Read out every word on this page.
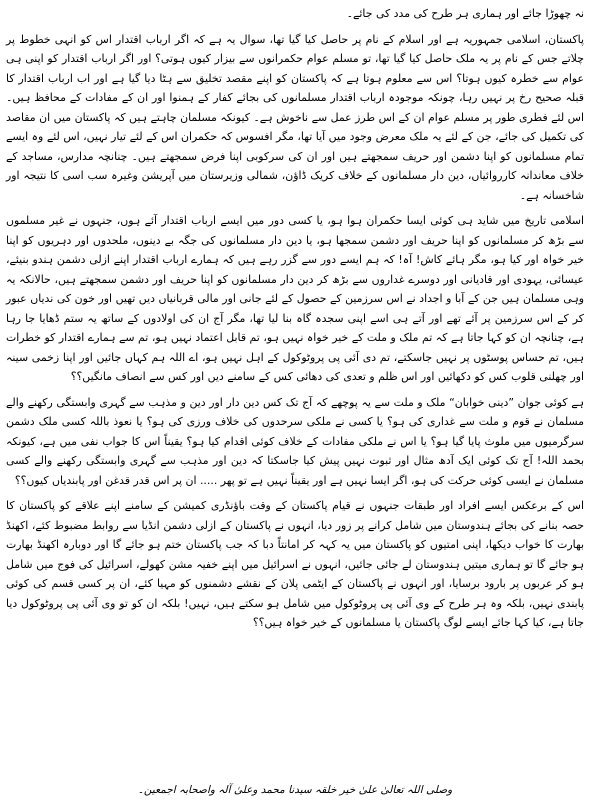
نہ چھوڑا جائے اور ہماری ہر طرح کی مدد کی جائے۔

پاکستان، اسلامی جمہوریہ ہے اور اسلام کے نام پر حاصل کیا گیا تھا، سوال یہ ہے کہ اگر ارباب اقتدار اس کو انہی خطوط پر چلاتے جس کے نام پر یہ ملک حاصل کیا گیا تھا، تو مسلم عوام حکمرانوں سے بیزار کیوں ہوتی؟ اور اگر ارباب اقتدار کو اپنی ہی عوام سے خطرہ کیوں ہوتا؟ اس سے معلوم ہوتا ہے کہ پاکستان کو اپنے مقصد تخلیق سے ہٹا دیا گیا ہے اور اب ارباب اقتدار کا قبلہ صحیح رخ پر نہیں رہا، چونکہ موجودہ ارباب اقتدار مسلمانوں کی بجائے کفار کے ہمنوا اور ان کے مفادات کے محافظ ہیں۔ اس لئے فطری طور پر مسلم عوام ان کے اس طرز عمل سے ناخوش ہے۔ کیونکہ مسلمان چاہتے ہیں کہ پاکستان میں ان مقاصد کی تکمیل کی جائے، جن کے لئے یہ ملک معرض وجود میں آیا تھا، مگر افسوس کہ حکمران اس کے لئے تیار نہیں، اس لئے وہ ایسے تمام مسلمانوں کو اپنا دشمن اور حریف سمجھتے ہیں اور ان کی سرکوبی اپنا فرض سمجھتے ہیں۔ چنانچہ مدارس، مساجد کے خلاف معاندانہ کارروائیاں، دین دار مسلمانوں کے خلاف کریک ڈاؤن، شمالی وزیرستان میں آپریشن وغیرہ سب اسی کا نتیجہ اور شاخسانہ ہے۔

اسلامی تاریخ میں شاید ہی کوئی ایسا حکمران ہوا ہو، یا کسی دور میں ایسے ارباب اقتدار آئے ہوں، جنہوں نے غیر مسلموں سے بڑھ کر مسلمانوں کو اپنا حریف اور دشمن سمجھا ہو، یا دین دار مسلمانوں کی جگہ بے دینوں، ملحدوں اور دہریوں کو اپنا خیر خواہ اور کیا ہو، مگر ہائے کاش! آہ! کہ ہم ایسے دور سے گزر رہے ہیں کہ ہمارے ارباب اقتدار اپنے ازلی دشمن ہندو بنیئے، عیسائی، یہودی اور قادیانی اور دوسرے غداروں سے بڑھ کر دین دار مسلمانوں کو اپنا حریف اور دشمن سمجھتے ہیں، حالانکہ یہ وہی مسلمان ہیں جن کے آبا و اجداد نے اس سرزمین کے حصول کے لئے جانی اور مالی قربانیاں دیں تھیں اور خون کی ندیاں عبور کر کے اس سرزمین پر آئے تھے اور آتے ہی اسے اپنی سجدہ گاہ بنا لیا تھا، مگر آج ان کی اولادوں کے ساتھ یہ ستم ڈھایا جا رہا ہے، چنانچہ ان کو کہا جاتا ہے کہ تم ملک و ملت کے خیر خواہ نہیں ہو، تم قابل اعتماد نہیں ہو، تم سے ہمارے اقتدار کو خطرات ہیں، تم حساس پوسٹوں پر نہیں جاسکتے، تم دی آئی پی پروٹوکول کے اہل نہیں ہو، اے اللہ ہم کہاں جائیں اور اپنا زخمی سینہ اور چھلنی قلوب کس کو دکھائیں اور اس ظلم و تعدی کی دھائی کس کے سامنے دیں اور کس سے انصاف مانگیں؟؟

ہے کوئی جوان ”دینی خوابان“ ملک و ملت سے یہ پوچھے کہ آج تک کس دین دار اور دین و مذہب سے گہری وابستگی رکھنے والے مسلمان نے قوم و ملت سے غداری کی ہو؟ یا کسی نے ملکی سرحدوں کی خلاف ورزی کی ہو؟ یا نعوذ باللہ کسی ملک دشمن سرگرمیوں میں ملوث پایا گیا ہو؟ یا اس نے ملکی مفادات کے خلاف کوئی اقدام کیا ہو؟ یقیناً اس کا جواب نفی میں ہے، کیونکہ بحمد اللہ! آج تک کوئی ایک آدھ مثال اور ثبوت نہیں پیش کیا جاسکتا کہ دین اور مذہب سے گہری وابستگی رکھنے والے کسی مسلمان نے ایسی کوئی حرکت کی ہو، اگر ایسا نہیں ہے اور یقیناً نہیں ہے تو پھر ..... ان پر اس قدر قدغن اور پابندیاں کیوں؟؟

اس کے برعکس ایسے افراد اور طبقات جنہوں نے قیام پاکستان کے وقت باؤنڈری کمیشن کے سامنے اپنے علاقے کو پاکستان کا حصہ بنانے کی بجائے ہندوستان میں شامل کرانے پر زور دیا، انہوں نے پاکستان کے ازلی دشمن انڈیا سے روابط مضبوط کئے، اکھنڈ بھارت کا خواب دیکھا، اپنی امتیوں کو پاکستان میں یہ کہہ کر امانتاً دبا کہ جب پاکستان ختم ہو جائے گا اور دوبارہ اکھنڈ بھارت ہو جائے گا تو ہماری میتیں ہندوستان لے جائی جائیں، انہوں نے اسرائیل میں اپنے خفیہ مشن کھولے، اسرائیل کی فوج میں شامل ہو کر عربوں پر بارود برسایا، اور انہوں نے پاکستان کے ایٹمی پلان کے نقشے دشمنوں کو مہیا کئے، ان پر کسی قسم کی کوئی پابندی نہیں، بلکہ وہ ہر طرح کے وی آئی پی پروٹوکول میں شامل ہو سکتے ہیں، نہیں! بلکہ ان کو تو وی آئی پی پروٹوکول دیا جاتا ہے، کیا کہا جائے ایسے لوگ پاکستان یا مسلمانوں کے خیر خواہ ہیں؟؟

وصلی اللہ تعالیٰ علیٰ خیر خلقہ سیدنا محمد وعلیٰ آلہ واصحابہ اجمعین۔
